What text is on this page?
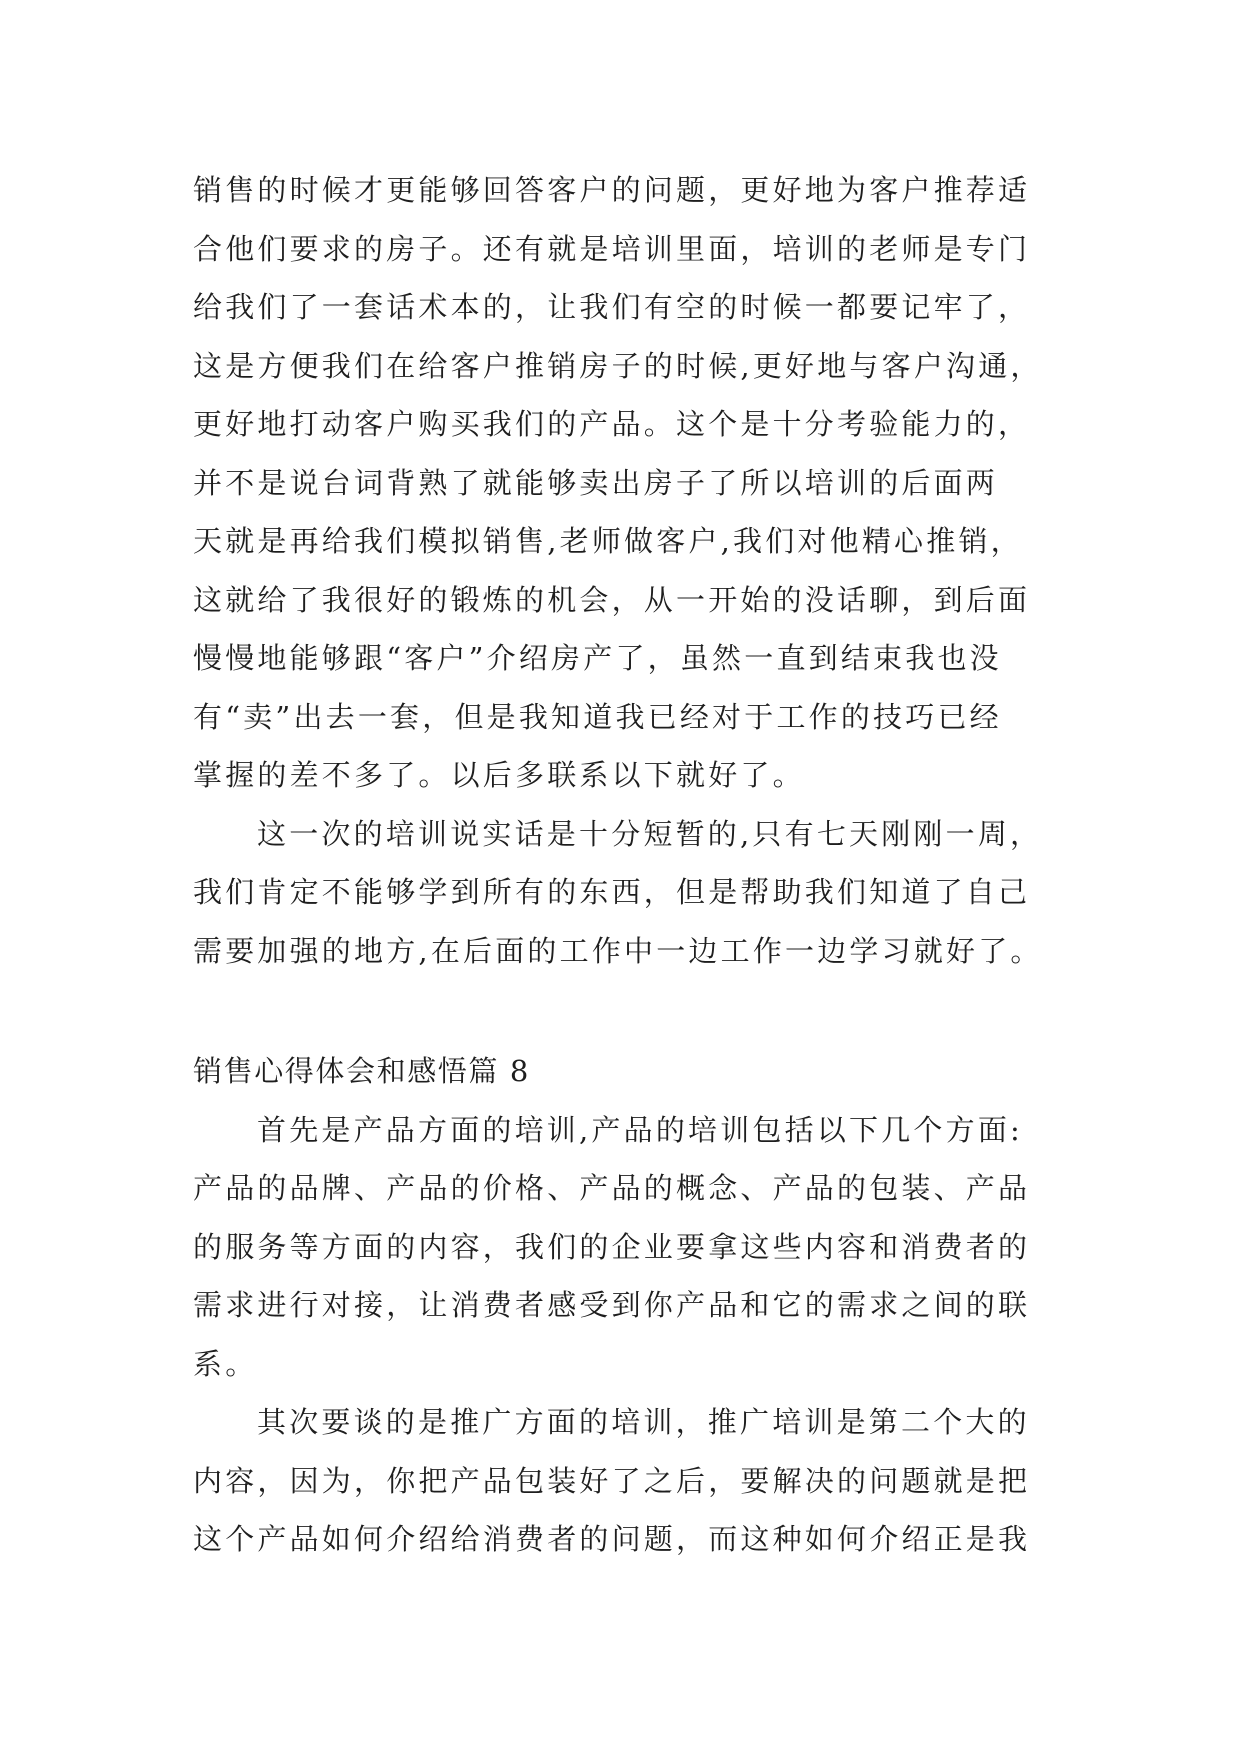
销售的时候才更能够回答客户的问题，更好地为客户推荐适
合他们要求的房子。还有就是培训里面，培训的老师是专门
给我们了一套话术本的，让我们有空的时候一都要记牢了，
这是方便我们在给客户推销房子的时候,更好地与客户沟通，
更好地打动客户购买我们的产品。这个是十分考验能力的，
并不是说台词背熟了就能够卖出房子了所以培训的后面两
天就是再给我们模拟销售,老师做客户,我们对他精心推销，
这就给了我很好的锻炼的机会，从一开始的没话聊，到后面
慢慢地能够跟“客户”介绍房产了，虽然一直到结束我也没
有“卖”出去一套，但是我知道我已经对于工作的技巧已经
掌握的差不多了。以后多联系以下就好了。
这一次的培训说实话是十分短暂的,只有七天刚刚一周，
我们肯定不能够学到所有的东西，但是帮助我们知道了自己
需要加强的地方,在后面的工作中一边工作一边学习就好了。
销售心得体会和感悟篇 8
首先是产品方面的培训,产品的培训包括以下几个方面:
产品的品牌、产品的价格、产品的概念、产品的包装、产品
的服务等方面的内容，我们的企业要拿这些内容和消费者的
需求进行对接，让消费者感受到你产品和它的需求之间的联
系。
其次要谈的是推广方面的培训，推广培训是第二个大的
内容，因为，你把产品包装好了之后，要解决的问题就是把
这个产品如何介绍给消费者的问题，而这种如何介绍正是我
